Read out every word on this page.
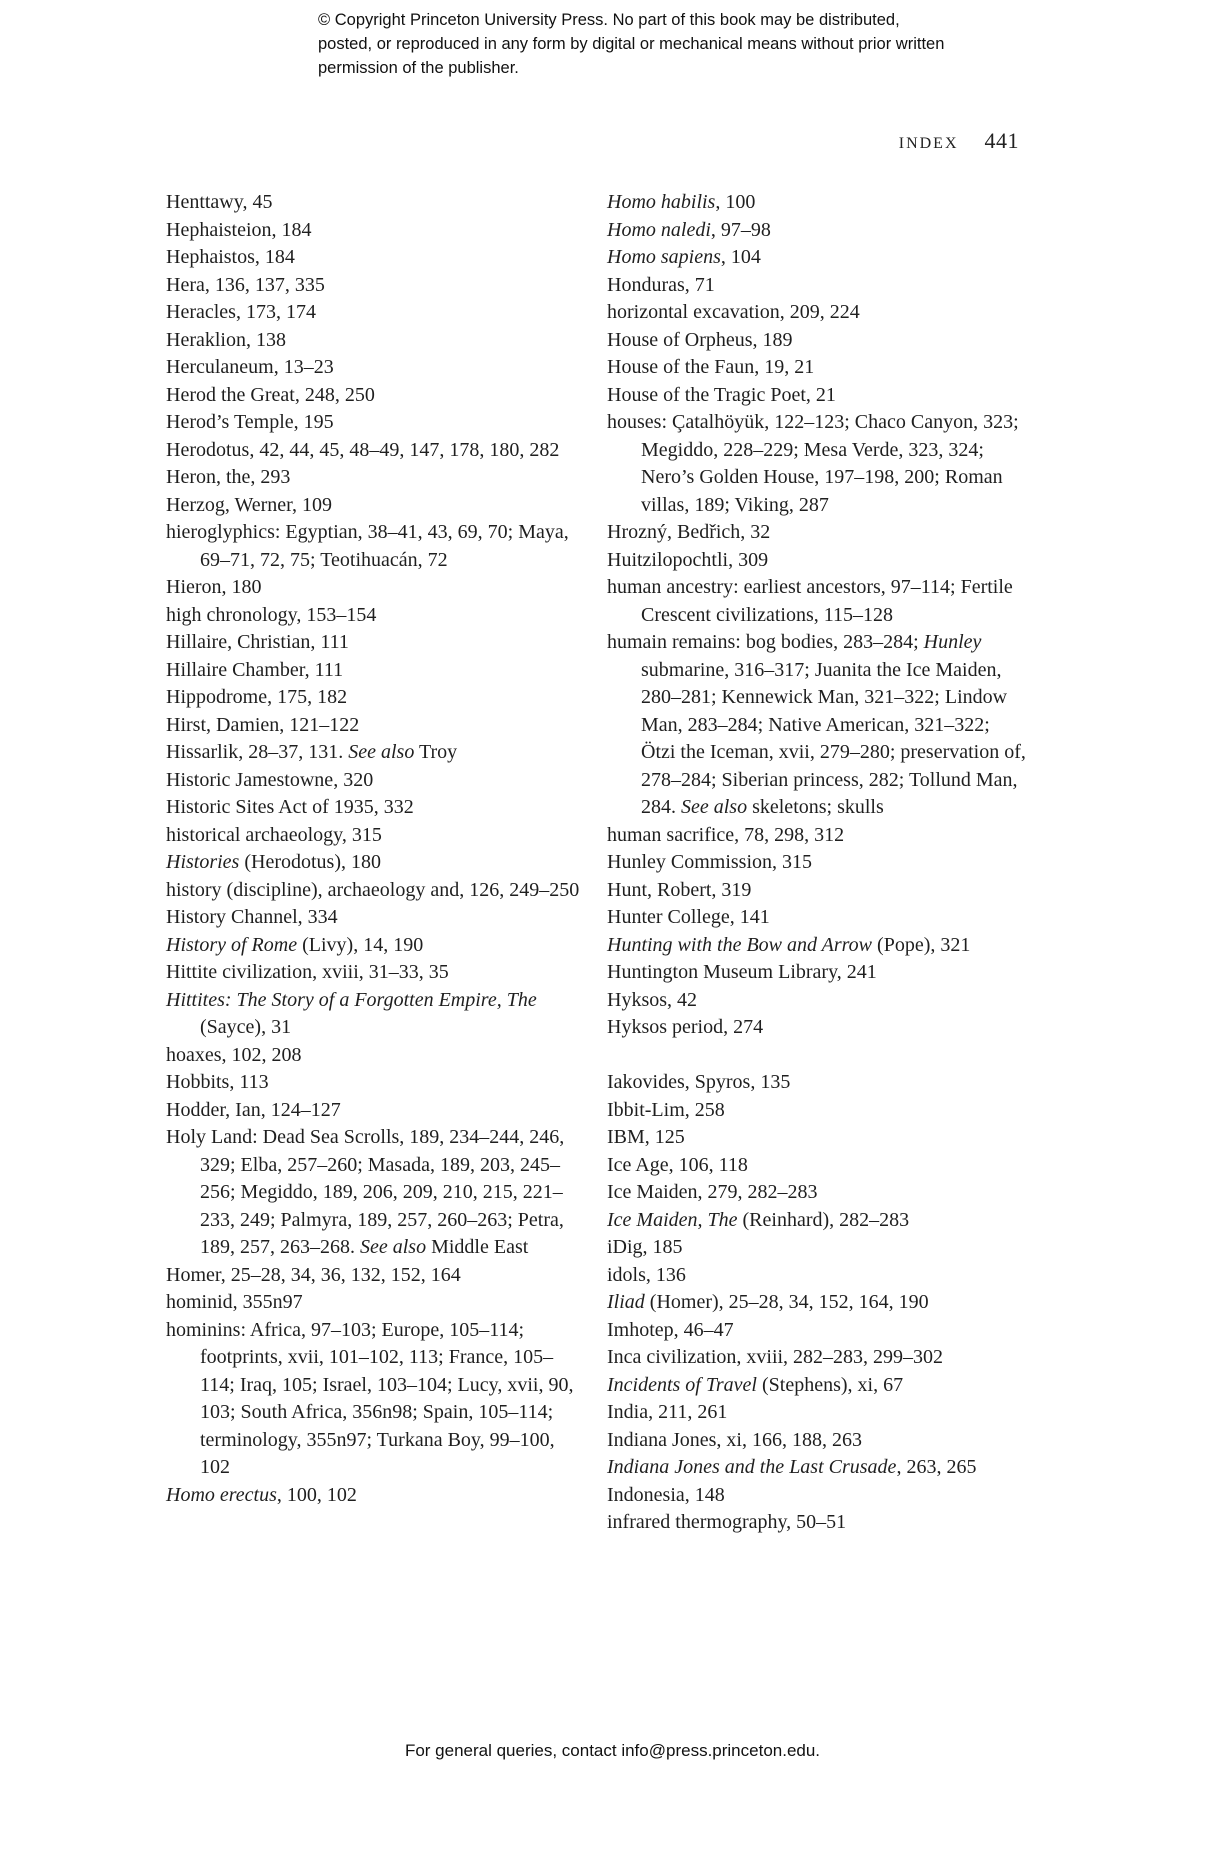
© Copyright Princeton University Press. No part of this book may be distributed, posted, or reproduced in any form by digital or mechanical means without prior written permission of the publisher.
INDEX 441

Henttawy, 45

Hephaisteion, 184

Hephaistos, 184

Hera, 136, 137, 335

Heracles, 173, 174

Heraklion, 138

Herculaneum, 13–23

Herod the Great, 248, 250

Herod’s Temple, 195

Herodotus, 42, 44, 45, 48–49, 147, 178, 180, 282

Heron, the, 293

Herzog, Werner, 109

hieroglyphics: Egyptian, 38–41, 43, 69, 70; Maya, 69–71, 72, 75; Teotihuacán, 72

Hieron, 180

high chronology, 153–154

Hillaire, Christian, 111

Hillaire Chamber, 111

Hippodrome, 175, 182

Hirst, Damien, 121–122

Hissarlik, 28–37, 131. See also Troy

Historic Jamestowne, 320

Historic Sites Act of 1935, 332

historical archaeology, 315

Histories (Herodotus), 180

history (discipline), archaeology and, 126, 249–250

History Channel, 334

History of Rome (Livy), 14, 190

Hittite civilization, xviii, 31–33, 35

Hittites: The Story of a Forgotten Empire, The (Sayce), 31

hoaxes, 102, 208

Hobbits, 113

Hodder, Ian, 124–127

Holy Land: Dead Sea Scrolls, 189, 234–244, 246, 329; Elba, 257–260; Masada, 189, 203, 245–256; Megiddo, 189, 206, 209, 210, 215, 221–233, 249; Palmyra, 189, 257, 260–263; Petra, 189, 257, 263–268. See also Middle East

Homer, 25–28, 34, 36, 132, 152, 164

hominid, 355n97

hominins: Africa, 97–103; Europe, 105–114; footprints, xvii, 101–102, 113; France, 105–114; Iraq, 105; Israel, 103–104; Lucy, xvii, 90, 103; South Africa, 356n98; Spain, 105–114; terminology, 355n97; Turkana Boy, 99–100, 102

Homo erectus, 100, 102

Homo habilis, 100

Homo naledi, 97–98

Homo sapiens, 104

Honduras, 71

horizontal excavation, 209, 224

House of Orpheus, 189

House of the Faun, 19, 21

House of the Tragic Poet, 21

houses: Çatalhöyük, 122–123; Chaco Canyon, 323; Megiddo, 228–229; Mesa Verde, 323, 324; Nero’s Golden House, 197–198, 200; Roman villas, 189; Viking, 287

Hrozný, Bedřich, 32

Huitzilopochtli, 309

human ancestry: earliest ancestors, 97–114; Fertile Crescent civilizations, 115–128

humain remains: bog bodies, 283–284; Hunley submarine, 316–317; Juanita the Ice Maiden, 280–281; Kennewick Man, 321–322; Lindow Man, 283–284; Native American, 321–322; Ötzi the Iceman, xvii, 279–280; preservation of, 278–284; Siberian princess, 282; Tollund Man, 284. See also skeletons; skulls

human sacrifice, 78, 298, 312

Hunley Commission, 315

Hunt, Robert, 319

Hunter College, 141

Hunting with the Bow and Arrow (Pope), 321

Huntington Museum Library, 241

Hyksos, 42

Hyksos period, 274

Iakovides, Spyros, 135

Ibbit-Lim, 258

IBM, 125

Ice Age, 106, 118

Ice Maiden, 279, 282–283

Ice Maiden, The (Reinhard), 282–283

iDig, 185

idols, 136

Iliad (Homer), 25–28, 34, 152, 164, 190

Imhotep, 46–47

Inca civilization, xviii, 282–283, 299–302

Incidents of Travel (Stephens), xi, 67

India, 211, 261

Indiana Jones, xi, 166, 188, 263

Indiana Jones and the Last Crusade, 263, 265

Indonesia, 148

infrared thermography, 50–51

For general queries, contact info@press.princeton.edu.
